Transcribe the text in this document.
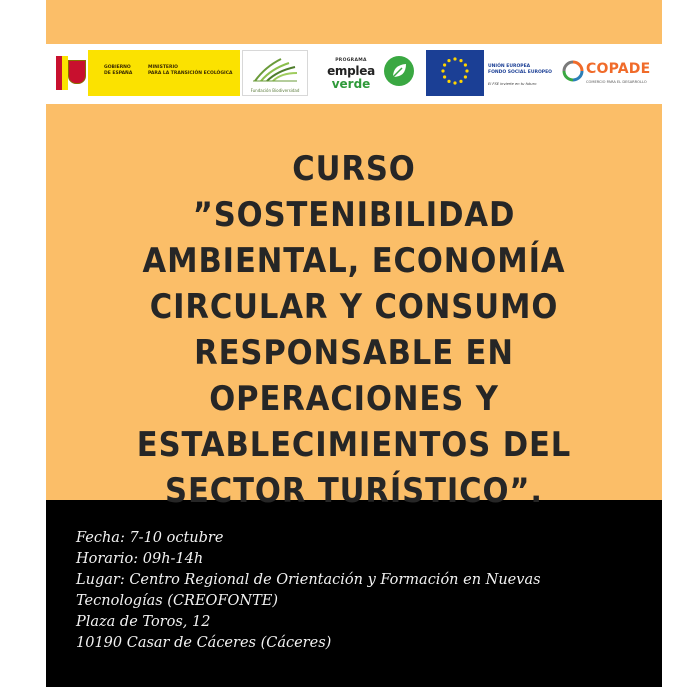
GOBIERNO
DE ESPAÑA
MINISTERIO
PARA LA TRANSICIÓN ECOLÓGICA
Fundación Biodiversidad
PROGRAMA
emplea
verde
UNIÓN EUROPEA
FONDO SOCIAL EUROPEO
El FSE invierte en tu futuro
COPADE
COMERCIO PARA EL DESARROLLO
CURSO ”SOSTENIBILIDAD AMBIENTAL, ECONOMÍA CIRCULAR Y CONSUMO RESPONSABLE EN OPERACIONES Y ESTABLECIMIENTOS DEL SECTOR TURÍSTICO”.
Fecha: 7-10 octubre
Horario: 09h-14h
Lugar: Centro Regional de Orientación y Formación en Nuevas
Tecnologías (CREOFONTE)
Plaza de Toros, 12
10190 Casar de Cáceres (Cáceres)
